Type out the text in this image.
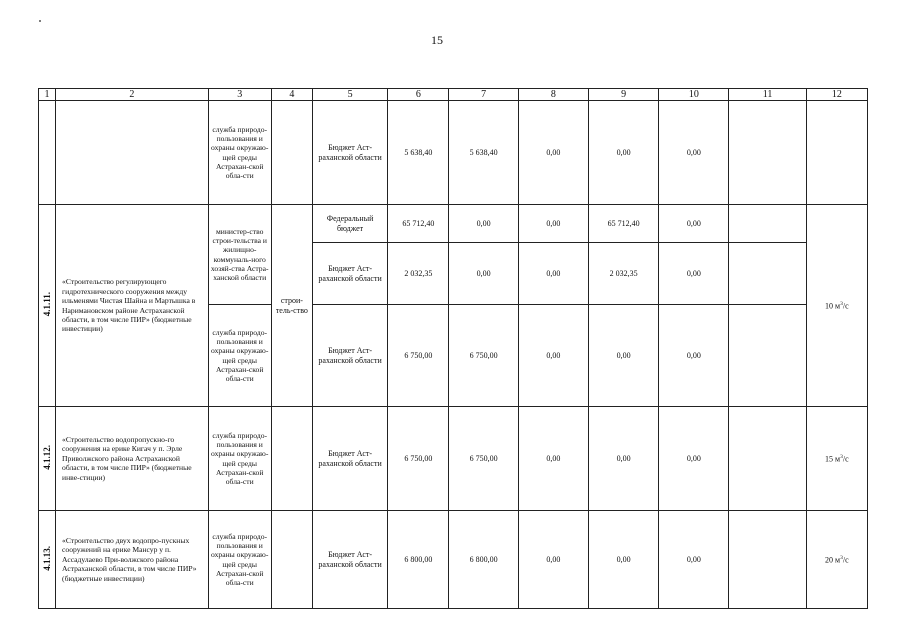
15
1	2	3	4	5	6	7	8	9	10	11	12
		служба природо-пользования и охраны окружаю-щей среды Астрахан-ской обла-сти		Бюджет Аст-раханской области	5 638,40	5 638,40	0,00	0,00	0,00		
4.1.11.	«Строительство регулирующего гидротехнического сооружения между ильменями Чистая Шайна и Мартышка в Наримановском районе Астраханской области, в том числе ПИР» (бюджетные инвестиции)	министер-ство строи-тельства и жилищно-коммуналь-ного хозяй-ства Астра-ханской области	строи-тель-ство	Федеральный бюджет	65 712,40	0,00	0,00	65 712,40	0,00		10 $м^3/с$
				Бюджет Аст-раханской области	2 032,35	0,00	0,00	2 032,35	0,00		
		служба природо-пользования и охраны окружаю-щей среды Астрахан-ской обла-сти		Бюджет Аст-раханской области	6 750,00	6 750,00	0,00	0,00	0,00		
4.1.12.	«Строительство водопропускно-го сооружения на ерике Кигач у п. Эрле Приволжского района Астраханской области, в том числе ПИР» (бюджетные инве-стиции)	служба природо-пользования и охраны окружаю-щей среды Астрахан-ской обла-сти		Бюджет Аст-раханской области	6 750,00	6 750,00	0,00	0,00	0,00		15 $м^3/с$
4.1.13.	«Строительство двух водопро-пускных сооружений на ерике Мансур у п. Ассадулаево При-волжского района Астраханской области, в том числе ПИР» (бюджетные инвестиции)	служба природо-пользования и охраны окружаю-щей среды Астрахан-ской обла-сти		Бюджет Аст-раханской области	6 800,00	6 800,00	0,00	0,00	0,00		20 $м^3/с$
